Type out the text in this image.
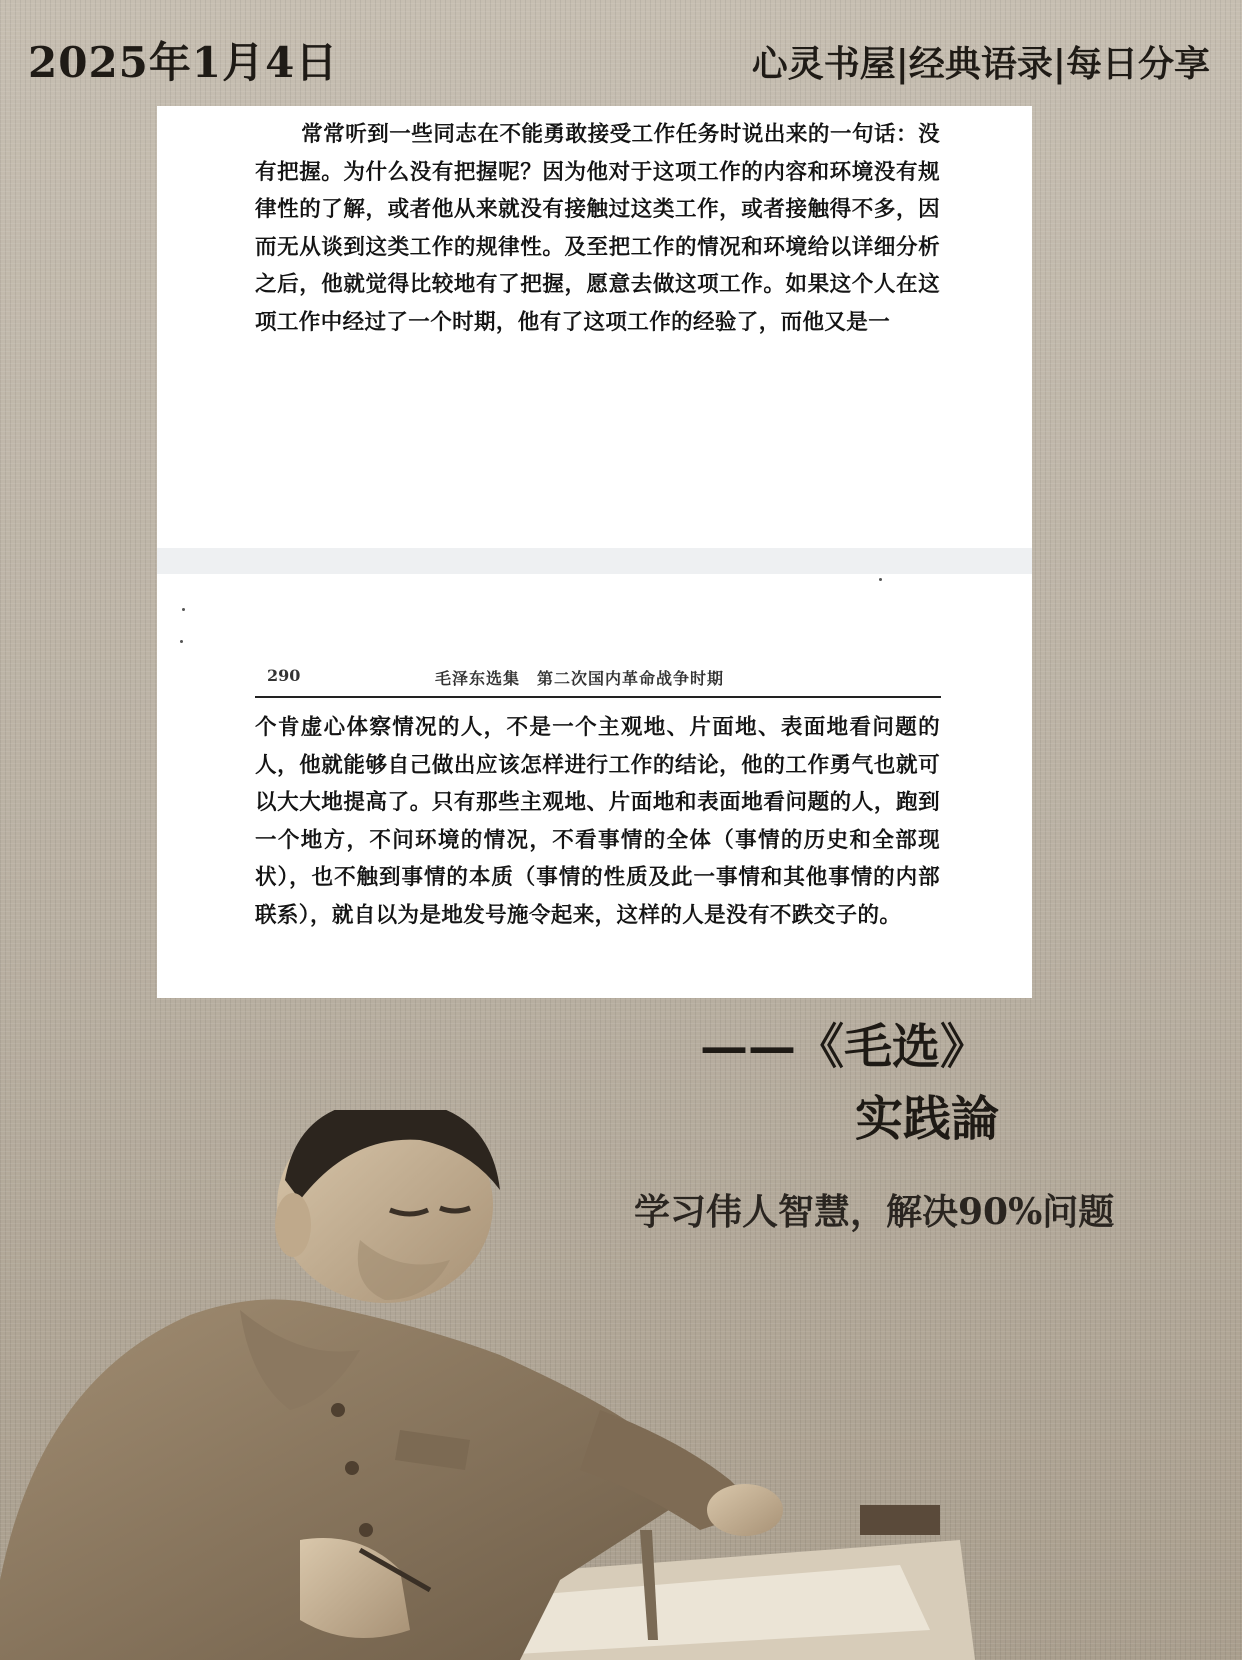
2025年1月4日	心灵书屋|经典语录|每日分享

常常听到一些同志在不能勇敢接受工作任务时说出来的一句话：没有把握。为什么没有把握呢？因为他对于这项工作的内容和环境没有规律性的了解，或者他从来就没有接触过这类工作，或者接触得不多，因而无从谈到这类工作的规律性。及至把工作的情况和环境给以详细分析之后，他就觉得比较地有了把握，愿意去做这项工作。如果这个人在这项工作中经过了一个时期，他有了这项工作的经验了，而他又是一

290	毛泽东选集　第二次国内革命战争时期

个肯虚心体察情况的人，不是一个主观地、片面地、表面地看问题的人，他就能够自己做出应该怎样进行工作的结论，他的工作勇气也就可以大大地提高了。只有那些主观地、片面地和表面地看问题的人，跑到一个地方，不问环境的情况，不看事情的全体（事情的历史和全部现状），也不触到事情的本质（事情的性质及此一事情和其他事情的内部联系），就自以为是地发号施令起来，这样的人是没有不跌交子的。

——《毛选》
实践論
学习伟人智慧，解决90%问题
